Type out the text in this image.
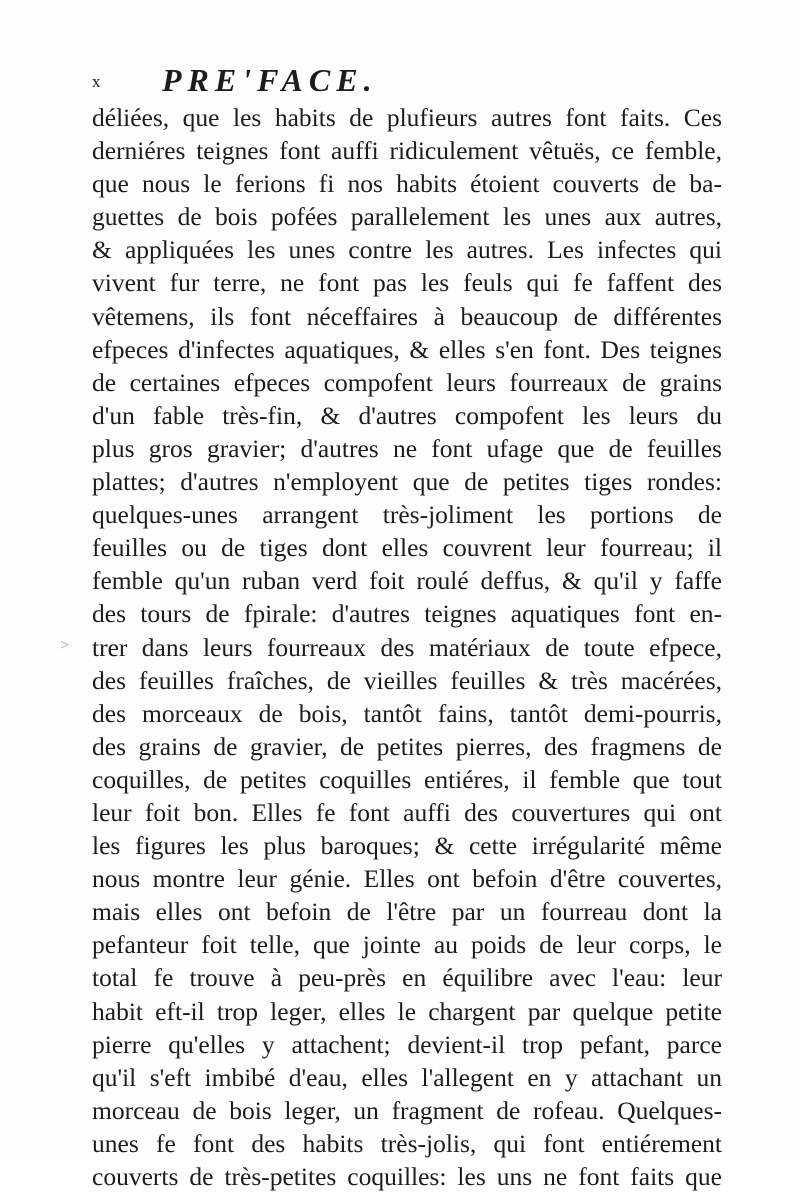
x PRE'FACE.
>
déliées, que les habits de plufieurs autres font faits. Ces
derniéres teignes font auffi ridiculement vêtuës, ce femble,
que nous le ferions fi nos habits étoient couverts de ba-
guettes de bois pofées parallelement les unes aux autres,
& appliquées les unes contre les autres. Les infectes qui
vivent fur terre, ne font pas les feuls qui fe faffent des
vêtemens, ils font néceffaires à beaucoup de différentes
efpeces d'infectes aquatiques, & elles s'en font. Des teignes
de certaines efpeces compofent leurs fourreaux de grains
d'un fable très-fin, & d'autres compofent les leurs du
plus gros gravier; d'autres ne font ufage que de feuilles
plattes; d'autres n'employent que de petites tiges rondes:
quelques-unes arrangent très-joliment les portions de
feuilles ou de tiges dont elles couvrent leur fourreau; il
femble qu'un ruban verd foit roulé deffus, & qu'il y faffe
des tours de fpirale: d'autres teignes aquatiques font en-
trer dans leurs fourreaux des matériaux de toute efpece,
des feuilles fraîches, de vieilles feuilles & très macérées,
des morceaux de bois, tantôt fains, tantôt demi-pourris,
des grains de gravier, de petites pierres, des fragmens de
coquilles, de petites coquilles entiéres, il femble que tout
leur foit bon. Elles fe font auffi des couvertures qui ont
les figures les plus baroques; & cette irrégularité même
nous montre leur génie. Elles ont befoin d'être couvertes,
mais elles ont befoin de l'être par un fourreau dont la
pefanteur foit telle, que jointe au poids de leur corps, le
total fe trouve à peu-près en équilibre avec l'eau: leur
habit eft-il trop leger, elles le chargent par quelque petite
pierre qu'elles y attachent; devient-il trop pefant, parce
qu'il s'eft imbibé d'eau, elles l'allegent en y attachant un
morceau de bois leger, un fragment de rofeau. Quelques-
unes fe font des habits très-jolis, qui font entiérement
couverts de très-petites coquilles: les uns ne font faits que
